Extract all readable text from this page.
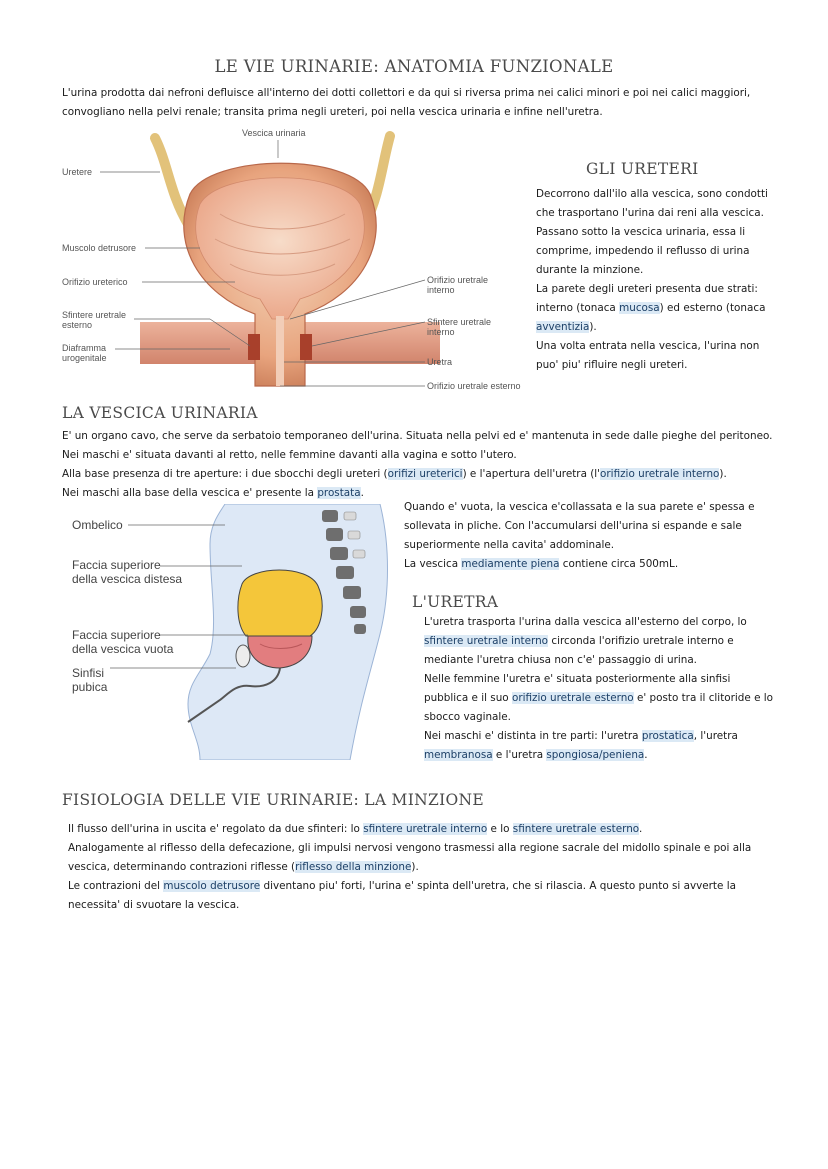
LE VIE URINARIE: ANATOMIA FUNZIONALE
L'urina prodotta dai nefroni defluisce all'interno dei dotti collettori e da qui si riversa prima nei calici minori e poi nei calici maggiori, convogliano nella pelvi renale; transita prima negli ureteri, poi nella vescica urinaria e infine nell'uretra.
Vescica urinaria
Uretere
Muscolo detrusore
Orifizio ureterico
Sfintere uretrale
esterno
Diaframma
urogenitale
Orifizio uretrale
interno
Sfintere uretrale
interno
Uretra
Orifizio uretrale esterno
GLI URETERI
Decorrono dall'ilo alla vescica, sono condotti che trasportano l'urina dai reni alla vescica. Passano sotto la vescica urinaria, essa li comprime, impedendo il reflusso di urina durante la minzione.
La parete degli ureteri presenta due strati: interno (tonaca mucosa) ed esterno (tonaca avventizia).
Una volta entrata nella vescica, l'urina non puo' piu' rifluire negli ureteri.
LA VESCICA URINARIA
E' un organo cavo, che serve da serbatoio temporaneo dell'urina. Situata nella pelvi ed e' mantenuta in sede dalle pieghe del peritoneo. Nei maschi e' situata davanti al retto, nelle femmine davanti alla vagina e sotto l'utero.
Alla base presenza di tre aperture: i due sbocchi degli ureteri (orifizi ureterici) e l'apertura dell'uretra (l'orifizio uretrale interno).
Nei maschi alla base della vescica e' presente la prostata.
Quando e' vuota, la vescica e'collassata e la sua parete e' spessa e sollevata in pliche. Con l'accumularsi dell'urina si espande e sale superiormente nella cavita' addominale.
La vescica mediamente piena contiene circa 500mL.
Ombelico
Faccia superiore
della vescica distesa
Faccia superiore
della vescica vuota
Sinfisi
pubica
L'URETRA
L'uretra trasporta l'urina dalla vescica all'esterno del corpo, lo sfintere uretrale interno circonda l'orifizio uretrale interno e mediante l'uretra chiusa non c'e' passaggio di urina.
Nelle femmine l'uretra e' situata posteriormente alla sinfisi pubblica e il suo orifizio uretrale esterno e' posto tra il clitoride e lo sbocco vaginale.
Nei maschi e' distinta in tre parti: l'uretra prostatica, l'uretra membranosa e l'uretra spongiosa/peniena.
FISIOLOGIA DELLE VIE URINARIE: LA MINZIONE
Il flusso dell'urina in uscita e' regolato da due sfinteri: lo sfintere uretrale interno e lo sfintere uretrale esterno.
Analogamente al riflesso della defecazione, gli impulsi nervosi vengono trasmessi alla regione sacrale del midollo spinale e poi alla vescica, determinando contrazioni riflesse (riflesso della minzione).
Le contrazioni del muscolo detrusore diventano piu' forti, l'urina e' spinta dell'uretra, che si rilascia. A questo punto si avverte la necessita' di svuotare la vescica.
